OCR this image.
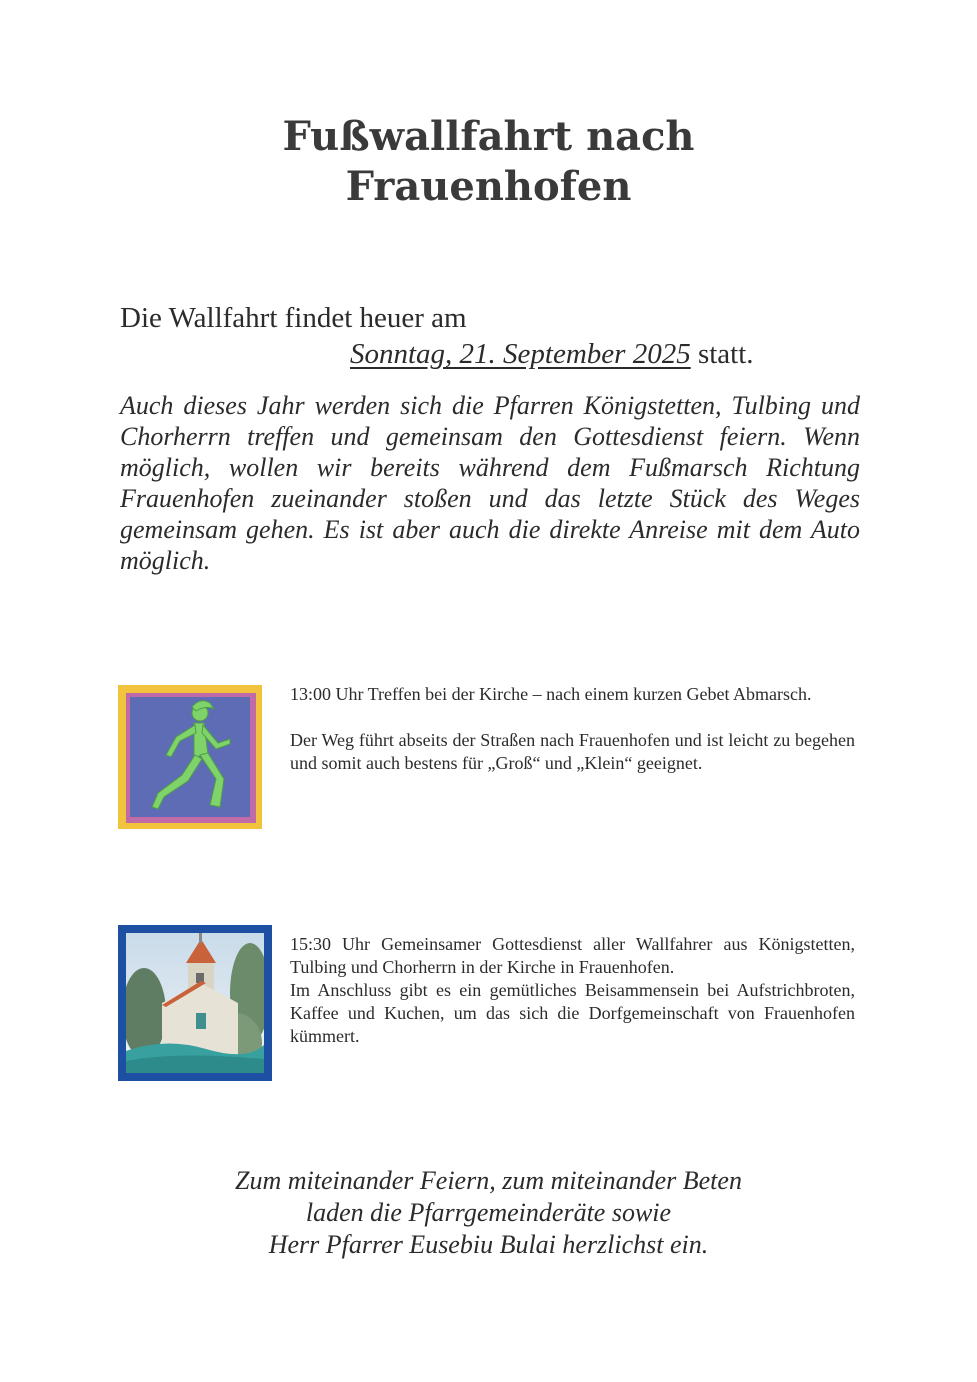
Fußwallfahrt nach
Frauenhofen
Die Wallfahrt findet heuer am
Sonntag, 21. September 2025 statt.
Auch dieses Jahr werden sich die Pfarren Königstetten, Tulbing und Chorherrn treffen und gemeinsam den Gottesdienst feiern. Wenn möglich, wollen wir bereits während dem Fußmarsch Richtung Frauenhofen zueinander stoßen und das letzte Stück des Weges gemeinsam gehen. Es ist aber auch die direkte Anreise mit dem Auto möglich.

13:00 Uhr Treffen bei der Kirche – nach einem kurzen Gebet Abmarsch.

Der Weg führt abseits der Straßen nach Frauenhofen und ist leicht zu begehen und somit auch bestens für „Groß“ und „Klein“ geeignet.

15:30 Uhr Gemeinsamer Gottesdienst aller Wallfahrer aus Königstetten, Tulbing und Chorherrn in der Kirche in Frauenhofen.

Im Anschluss gibt es ein gemütliches Beisammensein bei Aufstrichbroten, Kaffee und Kuchen, um das sich die Dorfgemeinschaft von Frauenhofen kümmert.

Zum miteinander Feiern, zum miteinander Beten
laden die Pfarrgemeinderäte sowie
Herr Pfarrer Eusebiu Bulai herzlichst ein.
